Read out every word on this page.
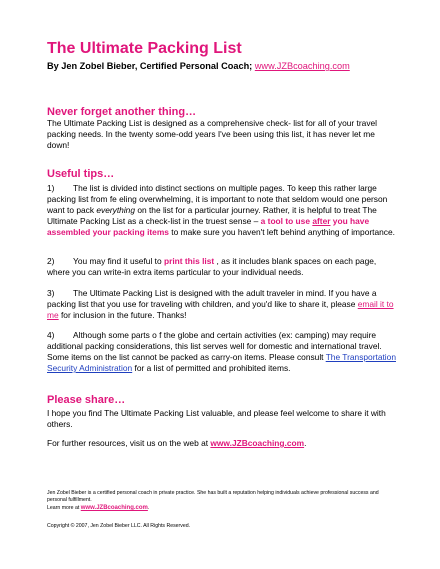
The Ultimate Packing List
By Jen Zobel Bieber, Certified Personal Coach; www.JZBcoaching.com
Never forget another thing…

The Ultimate Packing List is designed as a comprehensive check- list for all of your travel packing needs. In the twenty some-odd years I've been using this list, it has never let me down!

Useful tips…

1) The list is divided into distinct sections on multiple pages. To keep this rather large packing list from fe eling overwhelming, it is important to note that seldom would one person want to pack everything on the list for a particular journey. Rather, it is helpful to treat The Ultimate Packing List as a check-list in the truest sense – a tool to use after you have assembled your packing items to make sure you haven't left behind anything of importance.

2) You may find it useful to print this list , as it includes blank spaces on each page, where you can write-in extra items particular to your individual needs.

3) The Ultimate Packing List is designed with the adult traveler in mind. If you have a packing list that you use for traveling with children, and you'd like to share it, please email it to me for inclusion in the future. Thanks!

4) Although some parts o f the globe and certain activities (ex: camping) may require additional packing considerations, this list serves well for domestic and international travel. Some items on the list cannot be packed as carry-on items. Please consult The Transportation Security Administration for a list of permitted and prohibited items.

Please share…

I hope you find The Ultimate Packing List valuable, and please feel welcome to share it with others.

For further resources, visit us on the web at www.JZBcoaching.com.

Jen Zobel Bieber is a certified personal coach in private practice. She has built a reputation helping individuals achieve professional success and personal fulfillment.

Learn more at www.JZBcoaching.com.

Copyright © 2007, Jen Zobel Bieber LLC. All Rights Reserved.
